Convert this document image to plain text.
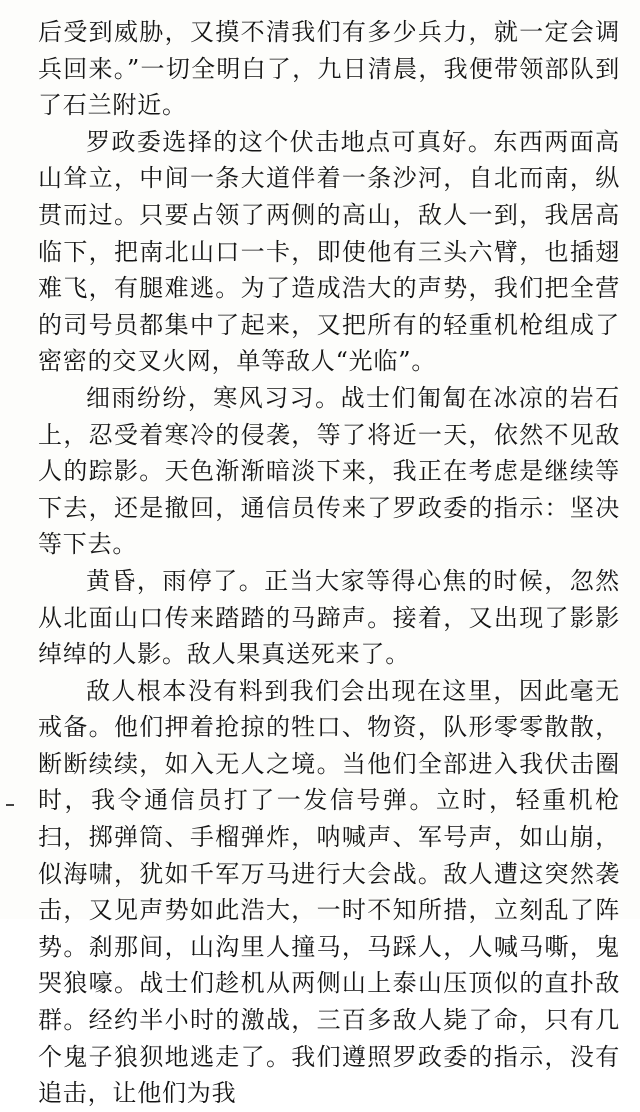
后受到威胁，又摸不清我们有多少兵力，就一定会调兵回来。”一切全明白了，九日清晨，我便带领部队到了石兰附近。

罗政委选择的这个伏击地点可真好。东西两面高山耸立，中间一条大道伴着一条沙河，自北而南，纵贯而过。只要占领了两侧的高山，敌人一到，我居高临下，把南北山口一卡，即使他有三头六臂，也插翅难飞，有腿难逃。为了造成浩大的声势，我们把全营的司号员都集中了起来，又把所有的轻重机枪组成了密密的交叉火网，单等敌人“光临”。

细雨纷纷，寒风习习。战士们匍匐在冰凉的岩石上，忍受着寒冷的侵袭，等了将近一天，依然不见敌人的踪影。天色渐渐暗淡下来，我正在考虑是继续等下去，还是撤回，通信员传来了罗政委的指示：坚决等下去。

黄昏，雨停了。正当大家等得心焦的时候，忽然从北面山口传来踏踏的马蹄声。接着，又出现了影影绰绰的人影。敌人果真送死来了。

敌人根本没有料到我们会出现在这里，因此毫无戒备。他们押着抢掠的牲口、物资，队形零零散散，断断续续，如入无人之境。当他们全部进入我伏击圈时，我令通信员打了一发信号弹。立时，轻重机枪扫，掷弹筒、手榴弹炸，呐喊声、军号声，如山崩，似海啸，犹如千军万马进行大会战。敌人遭这突然袭击，又见声势如此浩大，一时不知所措，立刻乱了阵势。刹那间，山沟里人撞马，马踩人，人喊马嘶，鬼哭狼嚎。战士们趁机从两侧山上泰山压顶似的直扑敌群。经约半小时的激战，三百多敌人毙了命，只有几个鬼子狼狈地逃走了。我们遵照罗政委的指示，没有追击，让他们为我
